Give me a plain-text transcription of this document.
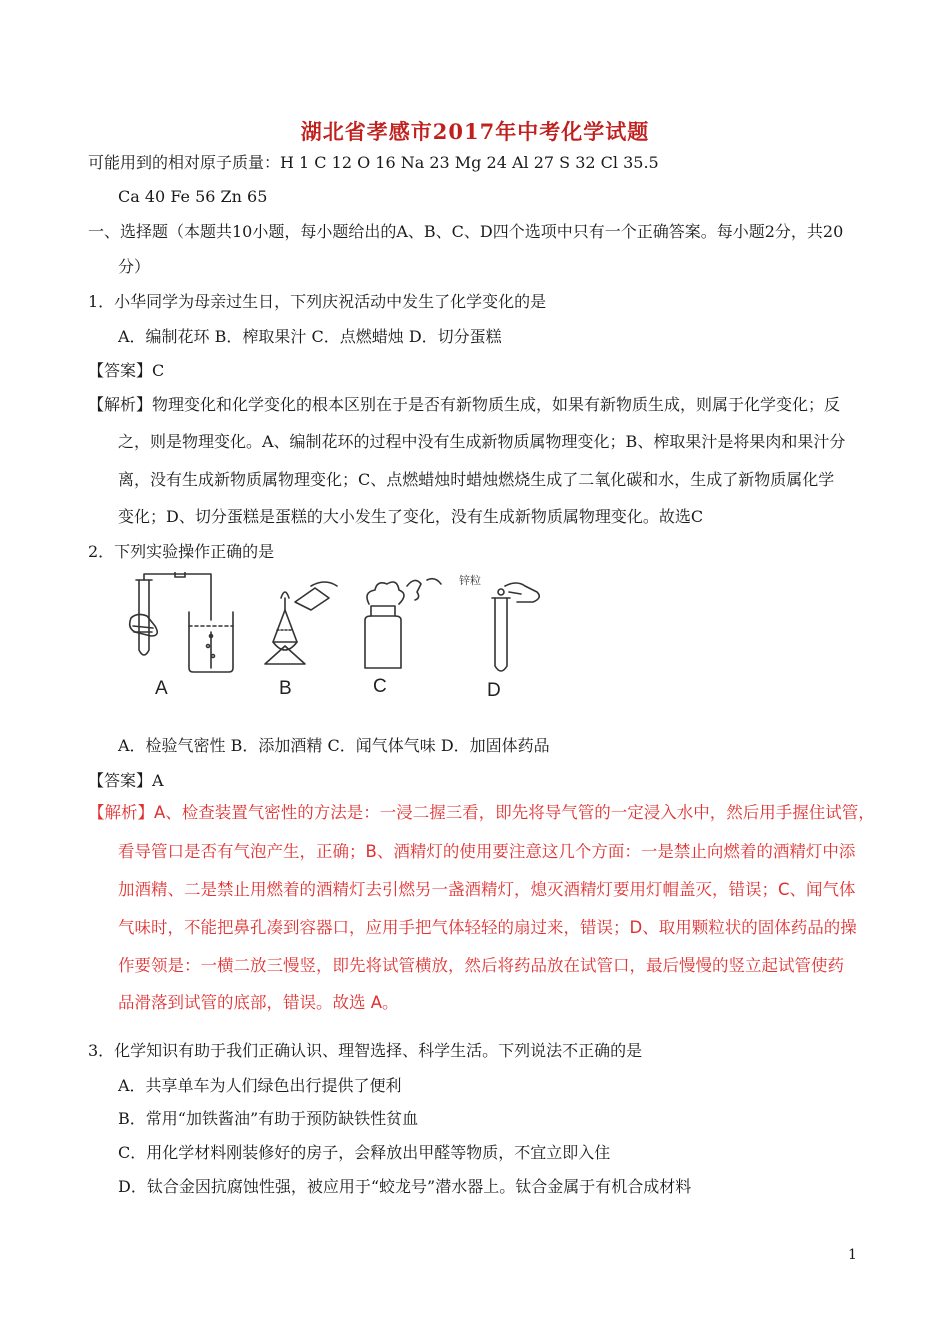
湖北省孝感市2017年中考化学试题
可能用到的相对原子质量：H 1 C 12 O 16 Na 23 Mg 24 Al 27 S 32 Cl 35.5
Ca 40 Fe 56 Zn 65
一、选择题（本题共10小题，每小题给出的A、B、C、D四个选项中只有一个正确答案。每小题2分，共20
分）
1．小华同学为母亲过生日，下列庆祝活动中发生了化学变化的是
A．编制花环 B．榨取果汁 C．点燃蜡烛 D．切分蛋糕
【答案】C
【解析】物理变化和化学变化的根本区别在于是否有新物质生成，如果有新物质生成，则属于化学变化；反
之，则是物理变化。A、编制花环的过程中没有生成新物质属物理变化；B、榨取果汁是将果肉和果汁分
离，没有生成新物质属物理变化；C、点燃蜡烛时蜡烛燃烧生成了二氧化碳和水，生成了新物质属化学
变化；D、切分蛋糕是蛋糕的大小发生了变化，没有生成新物质属物理变化。故选C
2．下列实验操作正确的是
A	B	C	D
锌粒
A．检验气密性 B．添加酒精 C．闻气体气味 D．加固体药品
【答案】A
【解析】A、检查装置气密性的方法是：一浸二握三看，即先将导气管的一定浸入水中，然后用手握住试管，
看导管口是否有气泡产生，正确；B、酒精灯的使用要注意这几个方面：一是禁止向燃着的酒精灯中添
加酒精、二是禁止用燃着的酒精灯去引燃另一盏酒精灯，熄灭酒精灯要用灯帽盖灭，错误；C、闻气体
气味时，不能把鼻孔凑到容器口，应用手把气体轻轻的扇过来，错误；D、取用颗粒状的固体药品的操
作要领是：一横二放三慢竖，即先将试管横放，然后将药品放在试管口，最后慢慢的竖立起试管使药
品滑落到试管的底部，错误。故选 A。
3．化学知识有助于我们正确认识、理智选择、科学生活。下列说法不正确的是
A．共享单车为人们绿色出行提供了便利
B．常用“加铁酱油”有助于预防缺铁性贫血
C．用化学材料刚装修好的房子，会释放出甲醛等物质，不宜立即入住
D．钛合金因抗腐蚀性强，被应用于“蛟龙号”潜水器上。钛合金属于有机合成材料
1
